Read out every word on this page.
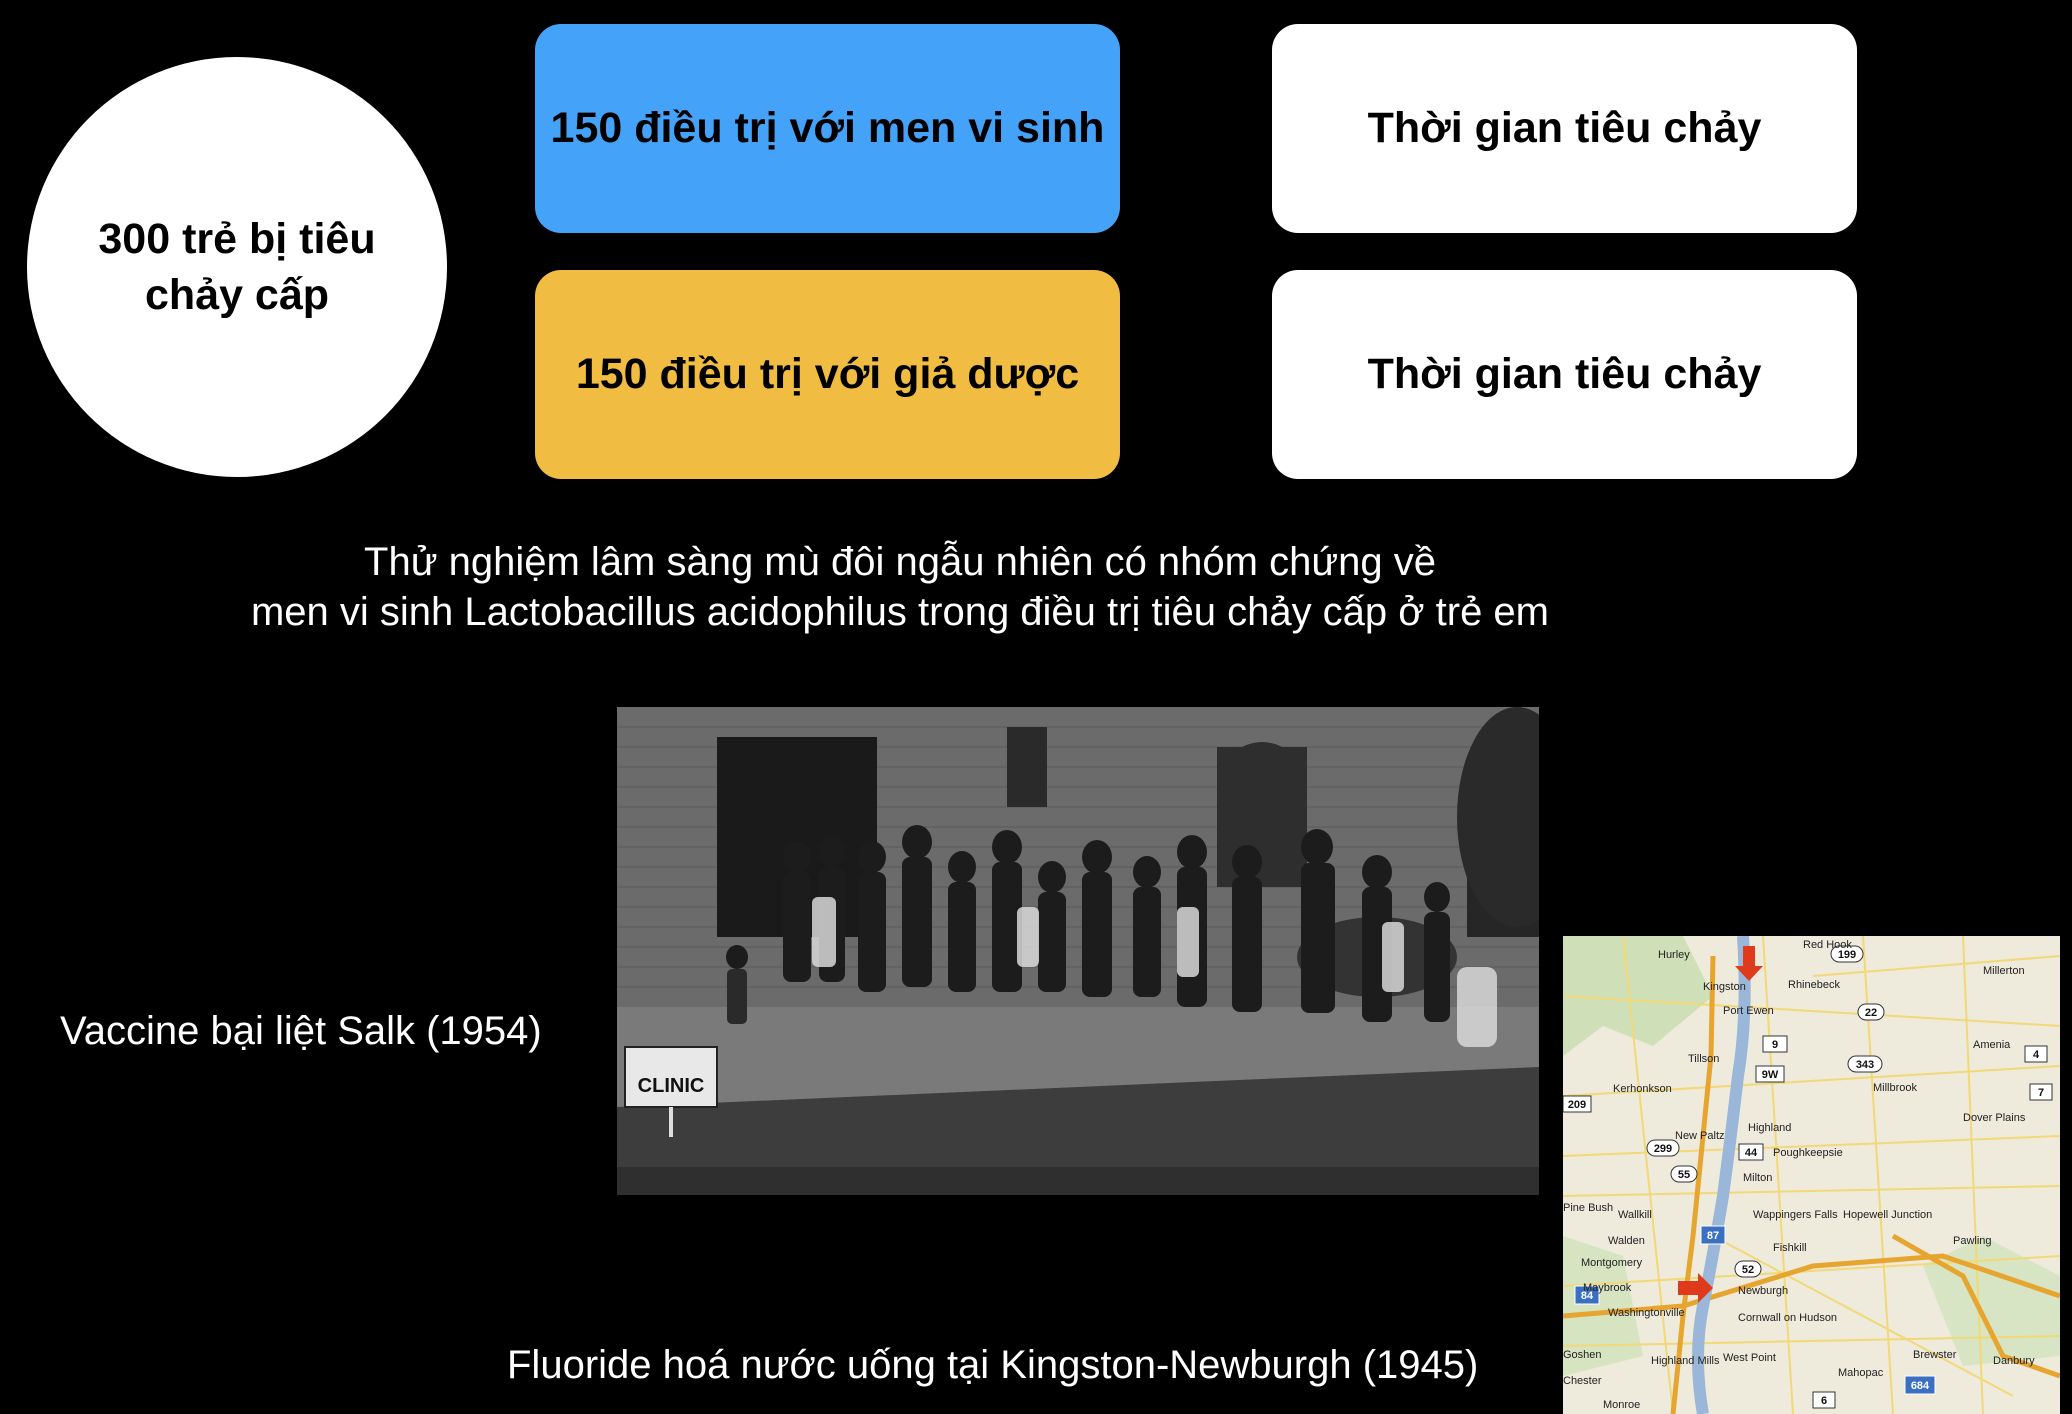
300 trẻ bị tiêu chảy cấp
150 điều trị với men vi sinh
150 điều trị với giả dược
Thời gian tiêu chảy
Thời gian tiêu chảy
Thử nghiệm lâm sàng mù đôi ngẫu nhiên có nhóm chứng về
men vi sinh Lactobacillus acidophilus trong điều trị tiêu chảy cấp ở trẻ em
Vaccine bại liệt Salk (1954)
CLINIC
Fluoride hoá nước uống tại Kingston-Newburgh (1945)
199
22
343
9
9W
44
299
55
52
87
84
6
684
4
7
209
Kingston	Rhinebeck
Port Ewen
New Paltz
Highland
Poughkeepsie
Wallkill
Walden
Montgomery
Newburgh
Washingtonville
Wappingers Falls Hopewell Junction
Pawling
Millerton
Millbrook
Dover Plains
Kerhonkson
Red Hook
Brewster	Danbury
Mahopac
Cornwall on Hudson
Highland Mills West Point
Goshen
Chester
Maybrook
Pine Bush
Amenia
Milton
Fishkill
Monroe
Tillson
Hurley
